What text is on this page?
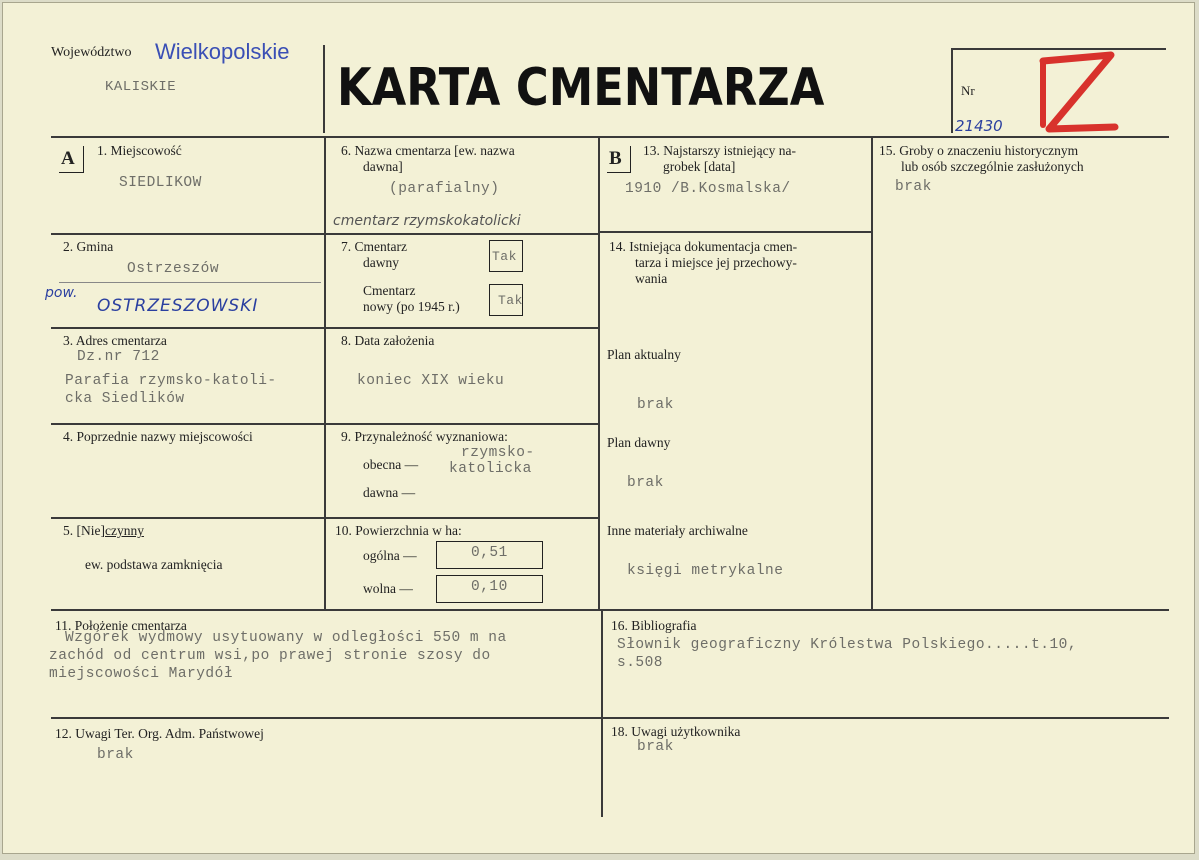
Województwo Wielkopolskie
KALISKIE	KARTA CMENTARZA	Nr
21430
A	1. Miejscowość
SIEDLIKOW
2. Gmina
Ostrzeszów
pow.
OSTRZESZOWSKI
3. Adres cmentarza
Dz.nr 712
Parafia rzymsko-katoli-
cka Siedlików
4. Poprzednie nazwy miejscowości
5. [Nie]czynny
ew. podstawa zamknięcia
6. Nazwa cmentarza [ew. nazwa
dawna]
(parafialny)
cmentarz rzymskokatolicki
7. Cmentarz
dawny	Tak
Cmentarz
nowy (po 1945 r.)	Tak
8. Data założenia
koniec XIX wieku
9. Przynależność wyznaniowa:
obecna —
rzymsko-
katolicka
dawna —
10. Powierzchnia w ha:
ogólna —	0,51
wolna —	0,10
B	13. Najstarszy istniejący na-
grobek [data]
1910 /B.Kosmalska/
14. Istniejąca dokumentacja cmen-
tarza i miejsce jej przechowy-
wania
Plan aktualny
brak
Plan dawny
brak
Inne materiały archiwalne
księgi metrykalne
15. Groby o znaczeniu historycznym
lub osób szczególnie zasłużonych
brak
11. Położenie cmentarza
Wzgórek wydmowy usytuowany w odległości 550 m na
zachód od centrum wsi,po prawej stronie szosy do
miejscowości Marydół
16. Bibliografia
Słownik geograficzny Królestwa Polskiego.....t.10,
s.508
12. Uwagi Ter. Org. Adm. Państwowej
brak
18. Uwagi użytkownika
brak
